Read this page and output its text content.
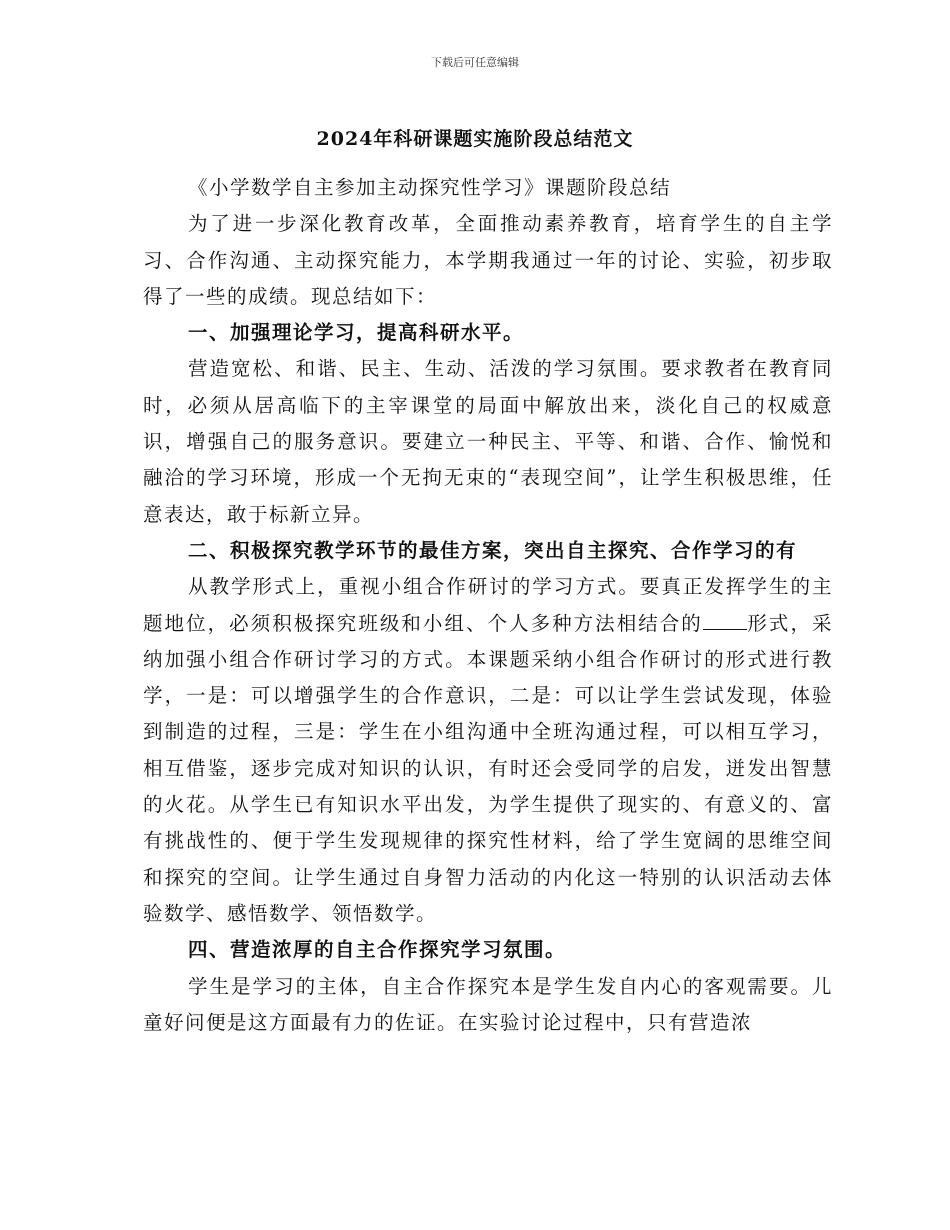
下载后可任意编辑
2024年科研课题实施阶段总结范文

《小学数学自主参加主动探究性学习》课题阶段总结

为了进一步深化教育改革，全面推动素养教育，培育学生的自主学习、合作沟通、主动探究能力，本学期我通过一年的讨论、实验，初步取得了一些的成绩。现总结如下：

一、加强理论学习，提高科研水平。

营造宽松、和谐、民主、生动、活泼的学习氛围。要求教者在教育同时，必须从居高临下的主宰课堂的局面中解放出来，淡化自己的权威意识，增强自己的服务意识。要建立一种民主、平等、和谐、合作、愉悦和融洽的学习环境，形成一个无拘无束的“表现空间”，让学生积极思维，任意表达，敢于标新立异。

二、积极探究教学环节的最佳方案，突出自主探究、合作学习的有

从教学形式上，重视小组合作研讨的学习方式。要真正发挥学生的主题地位，必须积极探究班级和小组、个人多种方法相结合的 形式，采纳加强小组合作研讨学习的方式。本课题采纳小组合作研讨的形式进行教学，一是：可以增强学生的合作意识，二是：可以让学生尝试发现，体验到制造的过程，三是：学生在小组沟通中全班沟通过程，可以相互学习，相互借鉴，逐步完成对知识的认识，有时还会受同学的启发，迸发出智慧的火花。从学生已有知识水平出发，为学生提供了现实的、有意义的、富有挑战性的、便于学生发现规律的探究性材料，给了学生宽阔的思维空间和探究的空间。让学生通过自身智力活动的内化这一特别的认识活动去体验数学、感悟数学、领悟数学。

四、营造浓厚的自主合作探究学习氛围。

学生是学习的主体，自主合作探究本是学生发自内心的客观需要。儿童好问便是这方面最有力的佐证。在实验讨论过程中，只有营造浓
